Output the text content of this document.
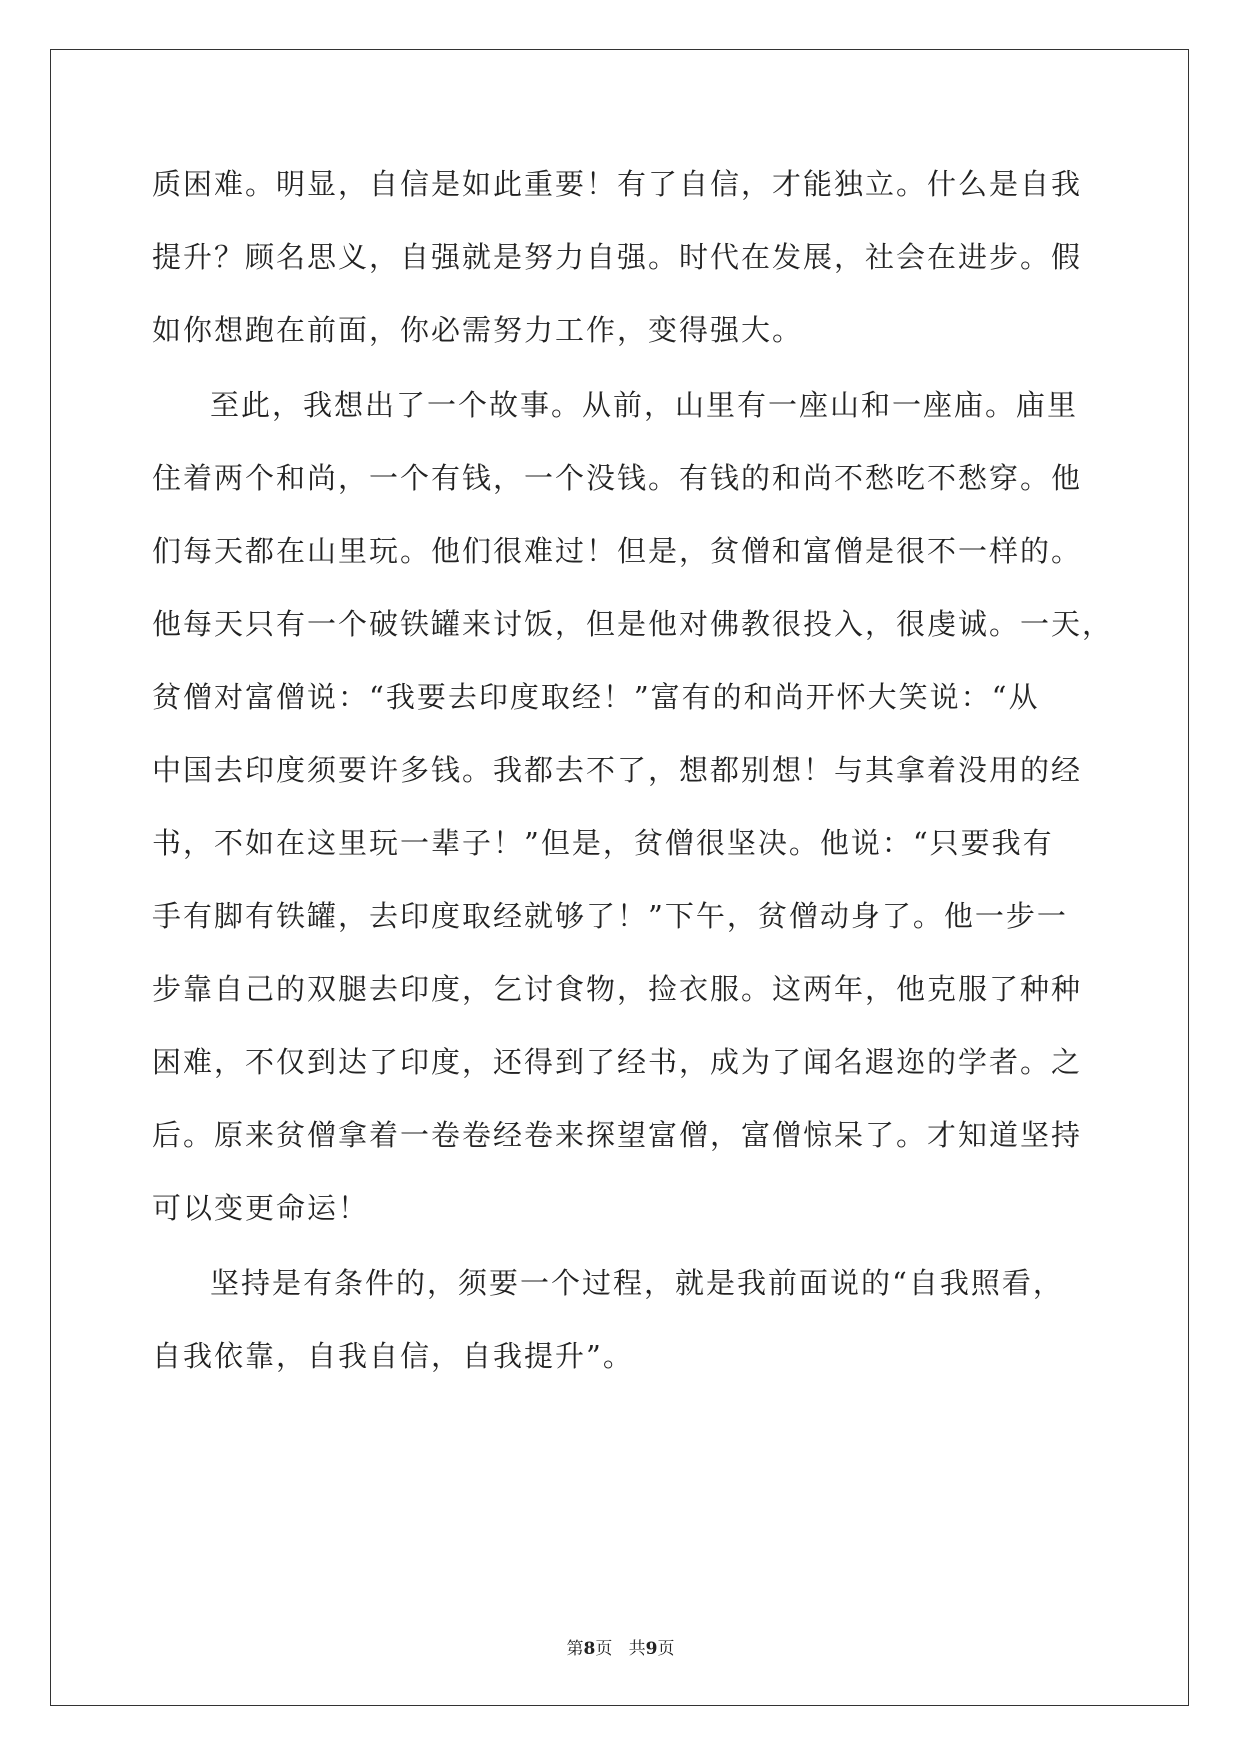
质困难。明显，自信是如此重要！有了自信，才能独立。什么是自我
提升？顾名思义，自强就是努力自强。时代在发展，社会在进步。假
如你想跑在前面，你必需努力工作，变得强大。
至此，我想出了一个故事。从前，山里有一座山和一座庙。庙里
住着两个和尚，一个有钱，一个没钱。有钱的和尚不愁吃不愁穿。他
们每天都在山里玩。他们很难过！但是，贫僧和富僧是很不一样的。
他每天只有一个破铁罐来讨饭，但是他对佛教很投入，很虔诚。一天，
贫僧对富僧说：“我要去印度取经！”富有的和尚开怀大笑说：“从
中国去印度须要许多钱。我都去不了，想都别想！与其拿着没用的经
书，不如在这里玩一辈子！”但是，贫僧很坚决。他说：“只要我有
手有脚有铁罐，去印度取经就够了！”下午，贫僧动身了。他一步一
步靠自己的双腿去印度，乞讨食物，捡衣服。这两年，他克服了种种
困难，不仅到达了印度，还得到了经书，成为了闻名遐迩的学者。之
后。原来贫僧拿着一卷卷经卷来探望富僧，富僧惊呆了。才知道坚持
可以变更命运！
坚持是有条件的，须要一个过程，就是我前面说的“自我照看，
自我依靠，自我自信，自我提升”。
第8页 共9页
